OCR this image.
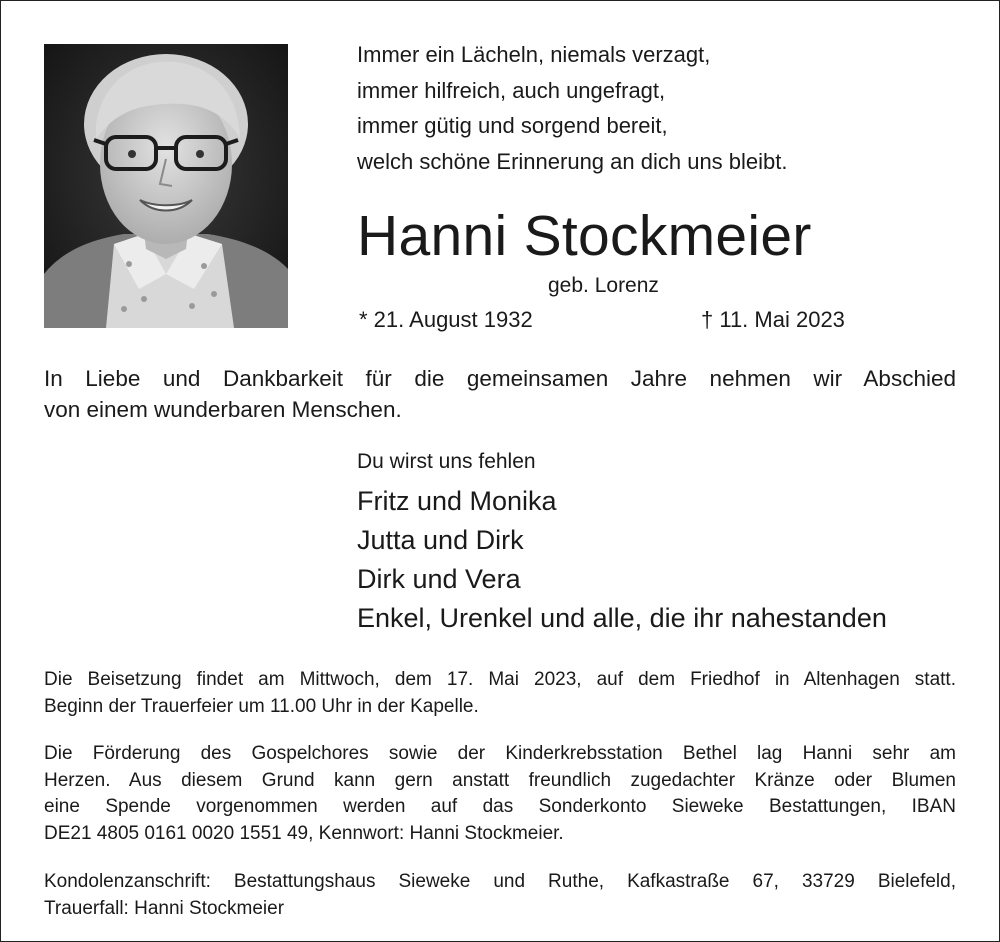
Immer ein Lächeln, niemals verzagt,
immer hilfreich, auch ungefragt,
immer gütig und sorgend bereit,
welch schöne Erinnerung an dich uns bleibt.
Hanni Stockmeier
geb. Lorenz
* 21. August 1932	† 11. Mai 2023
In Liebe und Dankbarkeit für die gemeinsamen Jahre nehmen wir Abschied
von einem wunderbaren Menschen.
Du wirst uns fehlen
Fritz und Monika
Jutta und Dirk
Dirk und Vera
Enkel, Urenkel und alle, die ihr nahestanden
Die Beisetzung findet am Mittwoch, dem 17. Mai 2023, auf dem Friedhof in Altenhagen statt.
Beginn der Trauerfeier um 11.00 Uhr in der Kapelle.
Die Förderung des Gospelchores sowie der Kinderkrebsstation Bethel lag Hanni sehr am
Herzen. Aus diesem Grund kann gern anstatt freundlich zugedachter Kränze oder Blumen
eine Spende vorgenommen werden auf das Sonderkonto Sieweke Bestattungen, IBAN
DE21 4805 0161 0020 1551 49, Kennwort: Hanni Stockmeier.
Kondolenzanschrift: Bestattungshaus Sieweke und Ruthe, Kafkastraße 67, 33729 Bielefeld,
Trauerfall: Hanni Stockmeier
